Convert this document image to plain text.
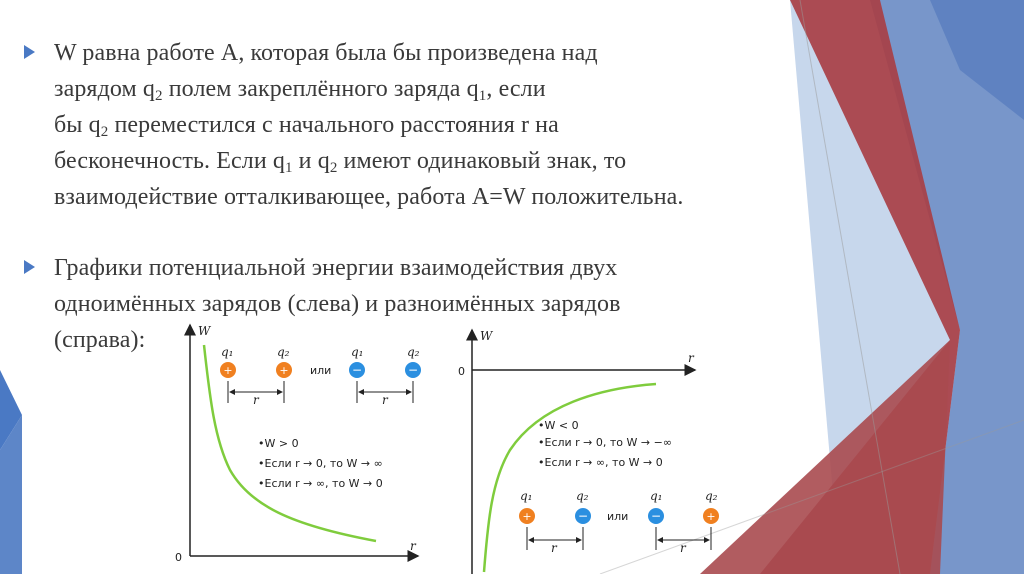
W равна работе A, которая была бы произведена над
зарядом $q_2$ полем закреплённого заряда $q_1$, если
бы $q_2$ переместился с начального расстояния r на
бесконечность. Если $q_1$ и $q_2$ имеют одинаковый знак, то
взаимодействие отталкивающее, работа A=W положительна.
Графики потенциальной энергии взаимодействия двух
одноимённых зарядов (слева) и разноимённых зарядов
(справа):	W
r
0
q₁
+
q₂
+
r
или
q₁
−
q₂
−
r
•W > 0
•Если r → 0, то W → ∞
•Если r → ∞, то W → 0
W
r
0
•W < 0
•Если r → 0, то W → −∞
•Если r → ∞, то W → 0
q₁
+
q₂
−
r
или
q₁
−
q₂
+
r
